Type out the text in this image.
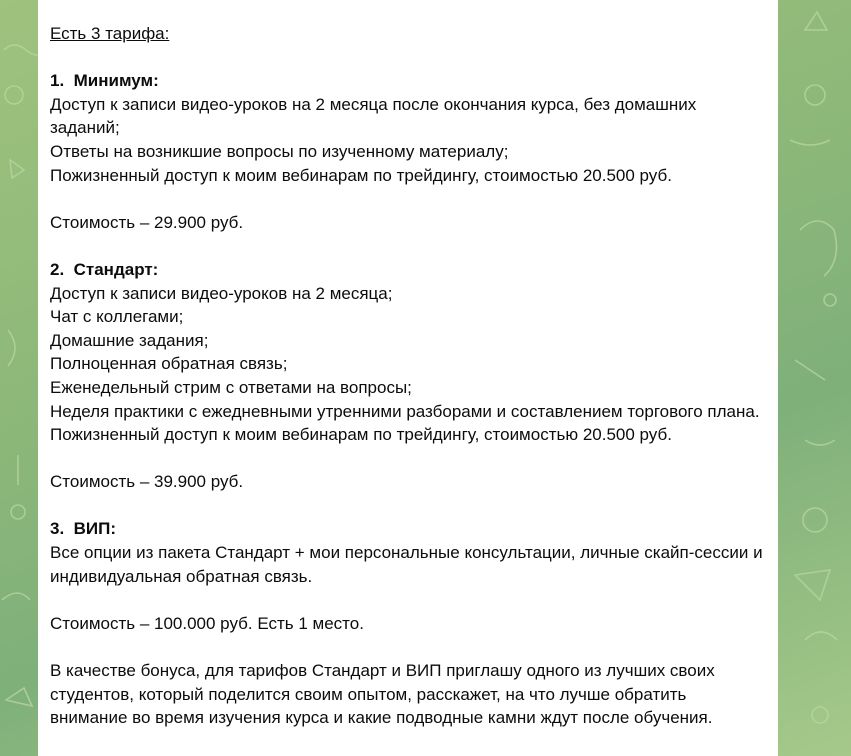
Есть 3 тарифа:
1.  Минимум:
Доступ к записи видео-уроков на 2 месяца после окончания курса, без домашних заданий;
Ответы на возникшие вопросы по изученному материалу;
Пожизненный доступ к моим вебинарам по трейдингу, стоимостью 20.500 руб.
Стоимость – 29.900 руб.
2.  Стандарт:
Доступ к записи видео-уроков на 2 месяца;
Чат с коллегами;
Домашние задания;
Полноценная обратная связь;
Еженедельный стрим с ответами на вопросы;
Неделя практики с ежедневными утренними разборами и составлением торгового плана.
Пожизненный доступ к моим вебинарам по трейдингу, стоимостью 20.500 руб.
Стоимость – 39.900 руб.
3.  ВИП:
Все опции из пакета Стандарт + мои персональные консультации, личные скайп-сессии и индивидуальная обратная связь.
Стоимость – 100.000 руб. Есть 1 место.
В качестве бонуса, для тарифов Стандарт и ВИП приглашу одного из лучших своих студентов, который поделится своим опытом, расскажет, на что лучше обратить внимание во время изучения курса и какие подводные камни ждут после обучения.
